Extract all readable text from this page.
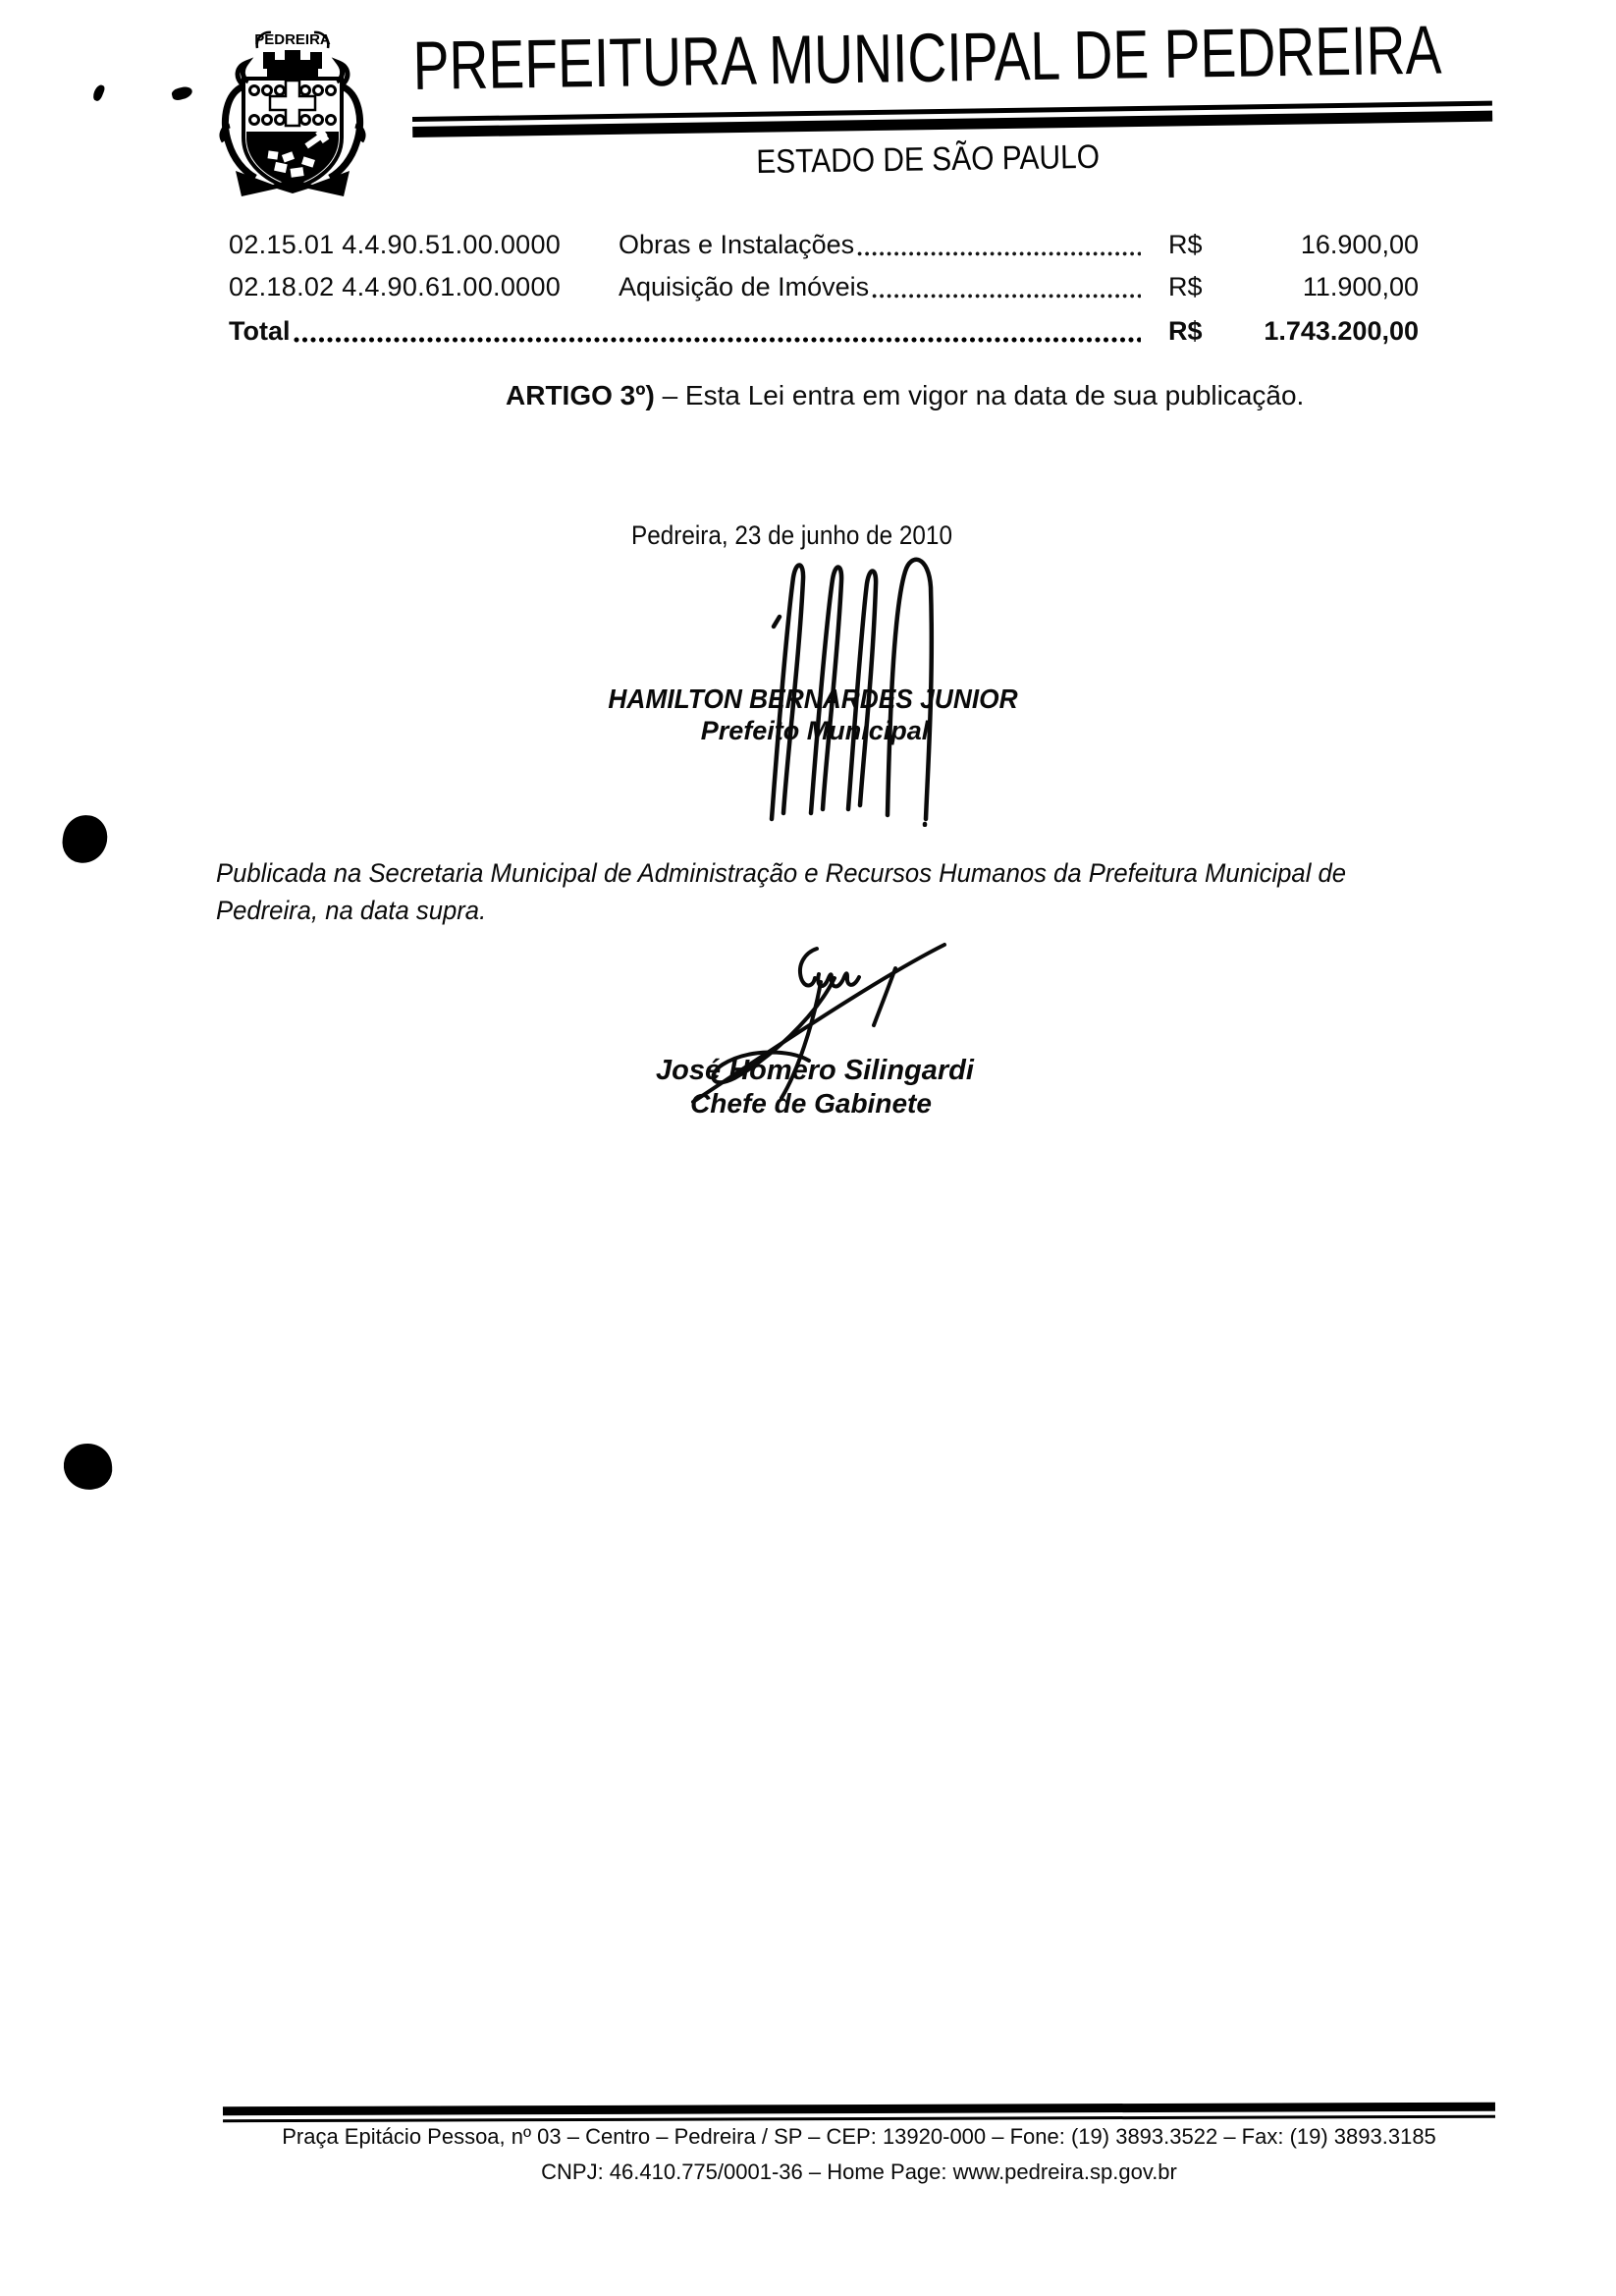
PEDREIRA PREFEITURA MUNICIPAL DE PEDREIRA
ESTADO DE SÃO PAULO
02.15.01 4.4.90.51.00.0000	Obras e Instalações	R$	16.900,00
02.18.02 4.4.90.61.00.0000	Aquisição de Imóveis	R$	11.900,00
Total	R$	1.743.200,00
ARTIGO 3º) – Esta Lei entra em vigor na data de sua publicação.
Pedreira, 23 de junho de 2010
HAMILTON BERNARDES JUNIOR
Prefeito Municipal
Publicada na Secretaria Municipal de Administração e Recursos Humanos da Prefeitura Municipal de
Pedreira, na data supra.
José Homero Silingardi
Chefe de Gabinete
Praça Epitácio Pessoa, nº 03 – Centro – Pedreira / SP – CEP: 13920-000 – Fone: (19) 3893.3522 – Fax: (19) 3893.3185
CNPJ: 46.410.775/0001-36 – Home Page: www.pedreira.sp.gov.br
